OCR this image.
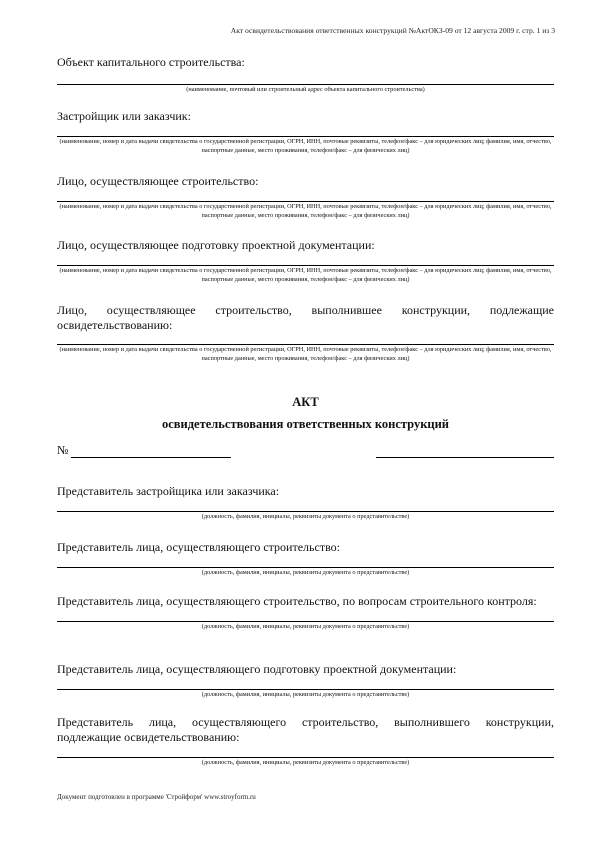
Акт освидетельствования ответственных конструкций №АктОКЗ-09 от 12 августа 2009 г. стр. 1 из 3
Объект капитального строительства:
(наименование, почтовый или строительный адрес объекта капитального строительства)
Застройщик или заказчик:
(наименование, номер и дата выдачи свидетельства о государственной регистрации, ОГРН, ИНН, почтовые реквизиты, телефон/факс – для юридических лиц; фамилия, имя, отчество, паспортные данные, место проживания, телефон/факс – для физических лиц)
Лицо, осуществляющее строительство:
(наименование, номер и дата выдачи свидетельства о государственной регистрации, ОГРН, ИНН, почтовые реквизиты, телефон/факс – для юридических лиц; фамилия, имя, отчество, паспортные данные, место проживания, телефон/факс – для физических лиц)
Лицо, осуществляющее подготовку проектной документации:
(наименование, номер и дата выдачи свидетельства о государственной регистрации, ОГРН, ИНН, почтовые реквизиты, телефон/факс – для юридических лиц; фамилия, имя, отчество, паспортные данные, место проживания, телефон/факс – для физических лиц)
Лицо, осуществляющее строительство, выполнившее конструкции, подлежащие освидетельствованию:
(наименование, номер и дата выдачи свидетельства о государственной регистрации, ОГРН, ИНН, почтовые реквизиты, телефон/факс – для юридических лиц; фамилия, имя, отчество, паспортные данные, место проживания, телефон/факс – для физических лиц)
АКТ
освидетельствования ответственных конструкций
№
Представитель застройщика или заказчика:
(должность, фамилия, инициалы, реквизиты документа о представительстве)
Представитель лица, осуществляющего строительство:
(должность, фамилия, инициалы, реквизиты документа о представительстве)
Представитель лица, осуществляющего строительство, по вопросам строительного контроля:
(должность, фамилия, инициалы, реквизиты документа о представительстве)
Представитель лица, осуществляющего подготовку проектной документации:
(должность, фамилия, инициалы, реквизиты документа о представительстве)
Представитель лица, осуществляющего строительство, выполнившего конструкции, подлежащие освидетельствованию:
(должность, фамилия, инициалы, реквизиты документа о представительстве)
Документ подготовлен в программе 'Стройформ' www.stroyform.ru
